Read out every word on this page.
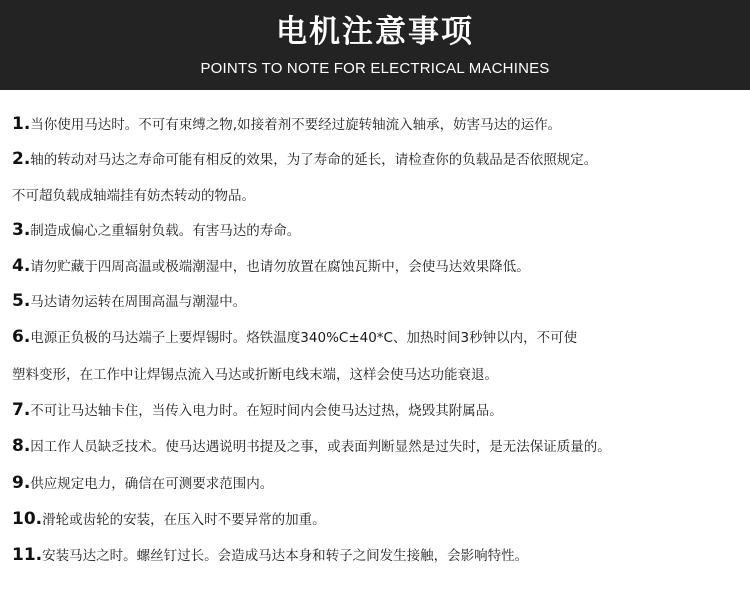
电机注意事项
POINTS TO NOTE FOR ELECTRICAL MACHINES
1.当你使用马达时。不可有束缚之物,如接着剂不要经过旋转轴流入轴承，妨害马达的运作。
2.轴的转动对马达之寿命可能有相反的效果，为了寿命的延长，请检查你的负载品是否依照规定。
不可超负载成轴端挂有妨杰转动的物品。
3.制造成偏心之重辐射负载。有害马达的寿命。
4.请勿贮藏于四周高温或极端潮湿中，也请勿放置在腐蚀瓦斯中，会使马达效果降低。
5.马达请勿运转在周围高温与潮湿中。
6.电源正负极的马达端子上要焊锡时。烙铁温度340%C±40*C、加热时间3秒钟以内，不可使
塑料变形，在工作中让焊锡点流入马达或折断电线末端，这样会使马达功能衰退。
7.不可让马达轴卡住，当传入电力时。在短时间内会使马达过热，烧毁其附属品。
8.因工作人员缺乏技术。使马达遇说明书提及之事，或表面判断显然是过失时，是无法保证质量的。
9.供应规定电力，确信在可测要求范围内。
10.滑轮或齿轮的安装，在压入时不要异常的加重。
11.安装马达之时。螺丝钉过长。会造成马达本身和转子之间发生接触，会影响特性。
